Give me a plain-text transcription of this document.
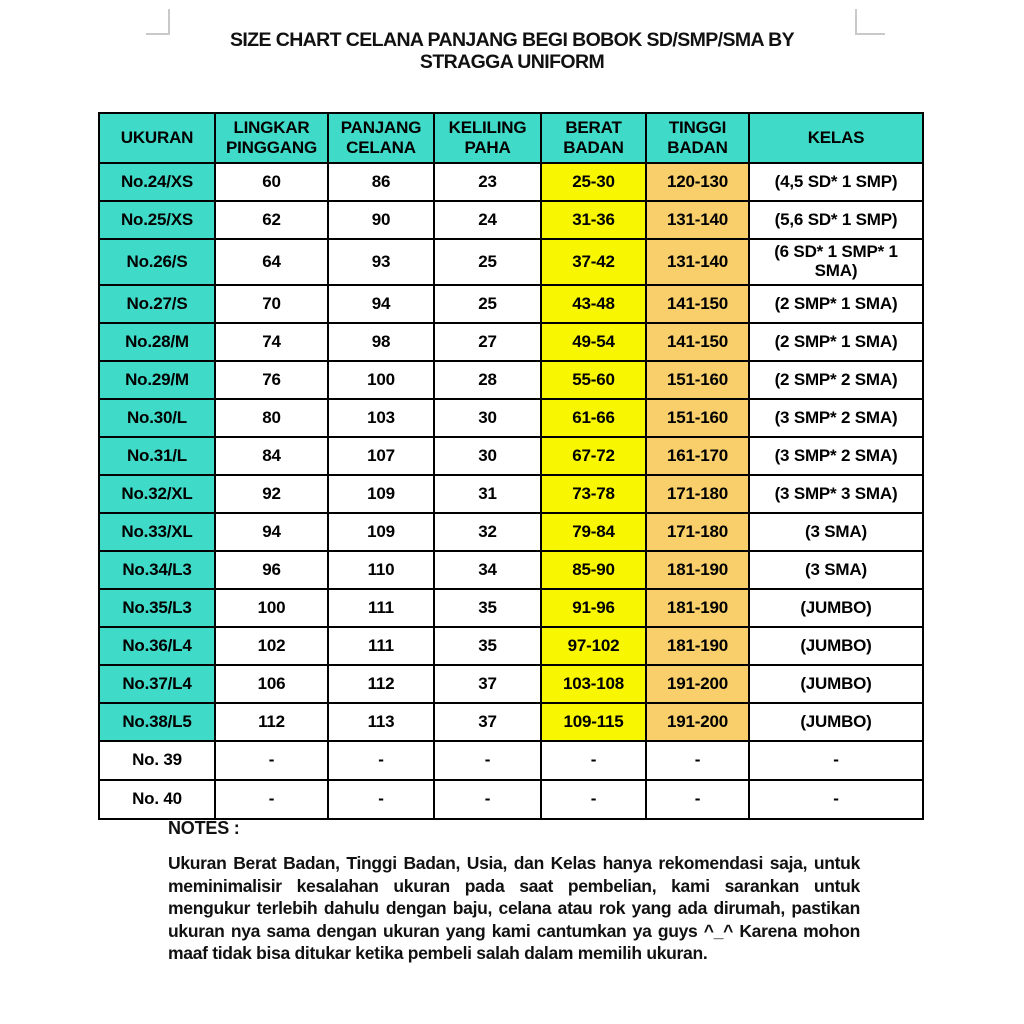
SIZE CHART CELANA PANJANG BEGI BOBOK SD/SMP/SMA BY STRAGGA UNIFORM
UKURAN	LINGKAR PINGGANG	PANJANG CELANA	KELILING PAHA	BERAT BADAN	TINGGI BADAN	KELAS
No.24/XS	60	86	23	25-30	120-130	(4,5 SD* 1 SMP)
No.25/XS	62	90	24	31-36	131-140	(5,6 SD* 1 SMP)
No.26/S	64	93	25	37-42	131-140	(6 SD* 1 SMP* 1 SMA)
No.27/S	70	94	25	43-48	141-150	(2 SMP* 1 SMA)
No.28/M	74	98	27	49-54	141-150	(2 SMP* 1 SMA)
No.29/M	76	100	28	55-60	151-160	(2 SMP* 2 SMA)
No.30/L	80	103	30	61-66	151-160	(3 SMP* 2 SMA)
No.31/L	84	107	30	67-72	161-170	(3 SMP* 2 SMA)
No.32/XL	92	109	31	73-78	171-180	(3 SMP* 3 SMA)
No.33/XL	94	109	32	79-84	171-180	(3 SMA)
No.34/L3	96	110	34	85-90	181-190	(3 SMA)
No.35/L3	100	111	35	91-96	181-190	(JUMBO)
No.36/L4	102	111	35	97-102	181-190	(JUMBO)
No.37/L4	106	112	37	103-108	191-200	(JUMBO)
No.38/L5	112	113	37	109-115	191-200	(JUMBO)
No. 39	-	-	-	-	-	-
No. 40	-	-	-	-	-	-
NOTES :

Ukuran Berat Badan, Tinggi Badan, Usia, dan Kelas hanya rekomendasi saja, untuk meminimalisir kesalahan ukuran pada saat pembelian, kami sarankan untuk mengukur terlebih dahulu dengan baju, celana atau rok yang ada dirumah, pastikan ukuran nya sama dengan ukuran yang kami cantumkan ya guys ^_^ Karena mohon maaf tidak bisa ditukar ketika pembeli salah dalam memilih ukuran.
